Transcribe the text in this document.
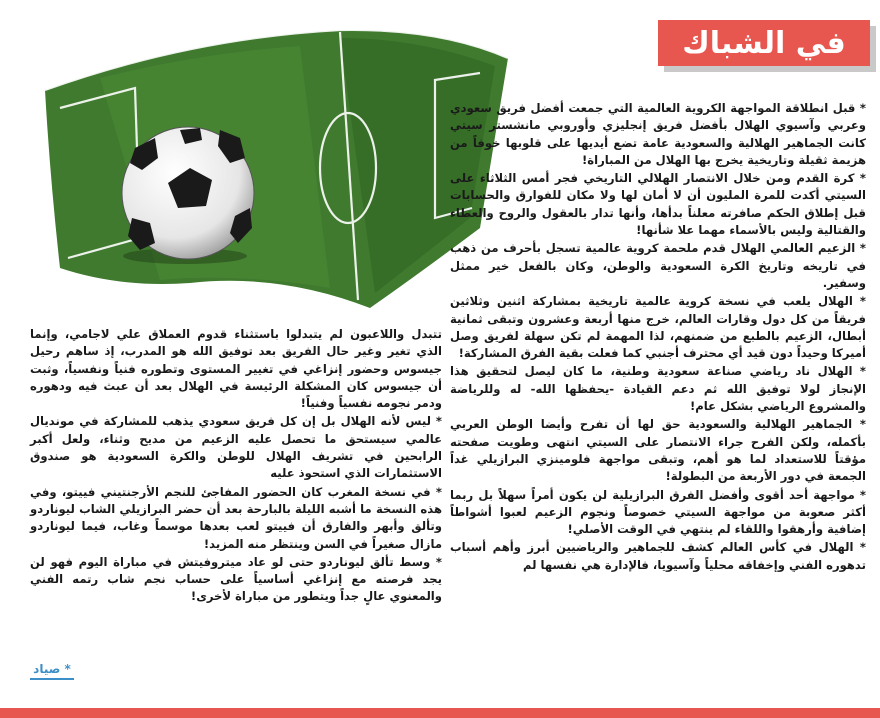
في الشباك

* قبل انطلاقة المواجهة الكروية العالمية التي جمعت أفضل فريق سعودي وعربي وآسيوي الهلال بأفضل فريق إنجليزي وأوروبي مانشستر سيتي كانت الجماهير الهلالية والسعودية عامة تضع أيديها على قلوبها خوفاً من هزيمة ثقيلة وتاريخية يخرج بها الهلال من المباراة!

* كرة القدم ومن خلال الانتصار الهلالي التاريخي فجر أمس الثلاثاء على السيتي أكدت للمرة المليون أن لا أمان لها ولا مكان للفوارق والحسابات قبل إطلاق الحكم صافرته معلناً بدأها، وأنها تدار بالعقول والروح والعطاء والقتالية وليس بالأسماء مهما علا شأنها!

* الزعيم العالمي الهلال قدم ملحمة كروية عالمية تسجل بأحرف من ذهب في تاريخه وتاريخ الكرة السعودية والوطن، وكان بالفعل خير ممثل وسفير.

* الهلال يلعب في نسخة كروية عالمية تاريخية بمشاركة اثنين وثلاثين فريقاً من كل دول وقارات العالم، خرج منها أربعة وعشرون وتبقى ثمانية أبطال، الزعيم بالطبع من ضمنهم، لذا المهمة لم تكن سهلة لفريق وصل أميركا وحيداً دون قيد أي محترف أجنبي كما فعلت بقية الفرق المشاركة!

* الهلال ناد رياضي صناعة سعودية وطنية، ما كان ليصل لتحقيق هذا الإنجاز لولا توفيق الله ثم دعم القيادة -يحفظها الله- له وللرياضة والمشروع الرياضي بشكل عام!

* الجماهير الهلالية والسعودية حق لها أن تفرح وأيضا الوطن العربي بأكمله، ولكن الفرح جراء الانتصار على السيتي انتهى وطويت صفحته مؤقتاً للاستعداد لما هو أهم، وتبقى مواجهة فلومينزي البرازيلي غداً الجمعة في دور الأربعة من البطولة!

* مواجهة أحد أقوى وأفضل الفرق البرازيلية لن يكون أمراً سهلاً بل ربما أكثر صعوبة من مواجهة السيتي خصوصاً ونجوم الزعيم لعبوا أشواطاً إضافية وأرهقوا واللقاء لم ينتهي في الوقت الأصلي!

* الهلال في كأس العالم كشف للجماهير والرياضيين أبرز وأهم أسباب تدهوره الفني وإخفاقه محلياً وآسيويا، فالإدارة هي نفسها لم

تتبدل واللاعبون لم يتبدلوا باستثناء قدوم العملاق علي لاجامي، وإنما الذي تغير وغير حال الفريق بعد توفيق الله هو المدرب، إذ ساهم رحيل جيسوس وحضور إنزاغي في تغيير المستوى وتطوره فنياً ونفسياً، وثبت أن جيسوس كان المشكلة الرئيسة في الهلال بعد أن عبث فيه ودهوره ودمر نجومه نفسياً وفنياً!

* ليس لأنه الهلال بل إن كل فريق سعودي يذهب للمشاركة في مونديال عالمي سيستحق ما تحصل عليه الزعيم من مديح وثناء، ولعل أكبر الرابحين في تشريف الهلال للوطن والكرة السعودية هو صندوق الاستثمارات الذي استحوذ عليه

* في نسخة المغرب كان الحضور المفاجئ للنجم الأرجنتيني فييتو، وفي هذه النسخة ما أشبه الليلة بالبارحة بعد أن حضر البرازيلي الشاب ليوناردو وتألق وأبهر والفارق أن فييتو لعب بعدها موسماً وغاب، فيما ليوناردو مازال صغيراً في السن وينتظر منه المزيد!

* وسط تألق ليوناردو حتى لو عاد ميتروفيتش في مباراة اليوم فهو لن يجد فرصته مع إنزاغي أساسياً على حساب نجم شاب رتمه الفني والمعنوي عالٍ جداً ويتطور من مباراة لأخرى!

* صياد
